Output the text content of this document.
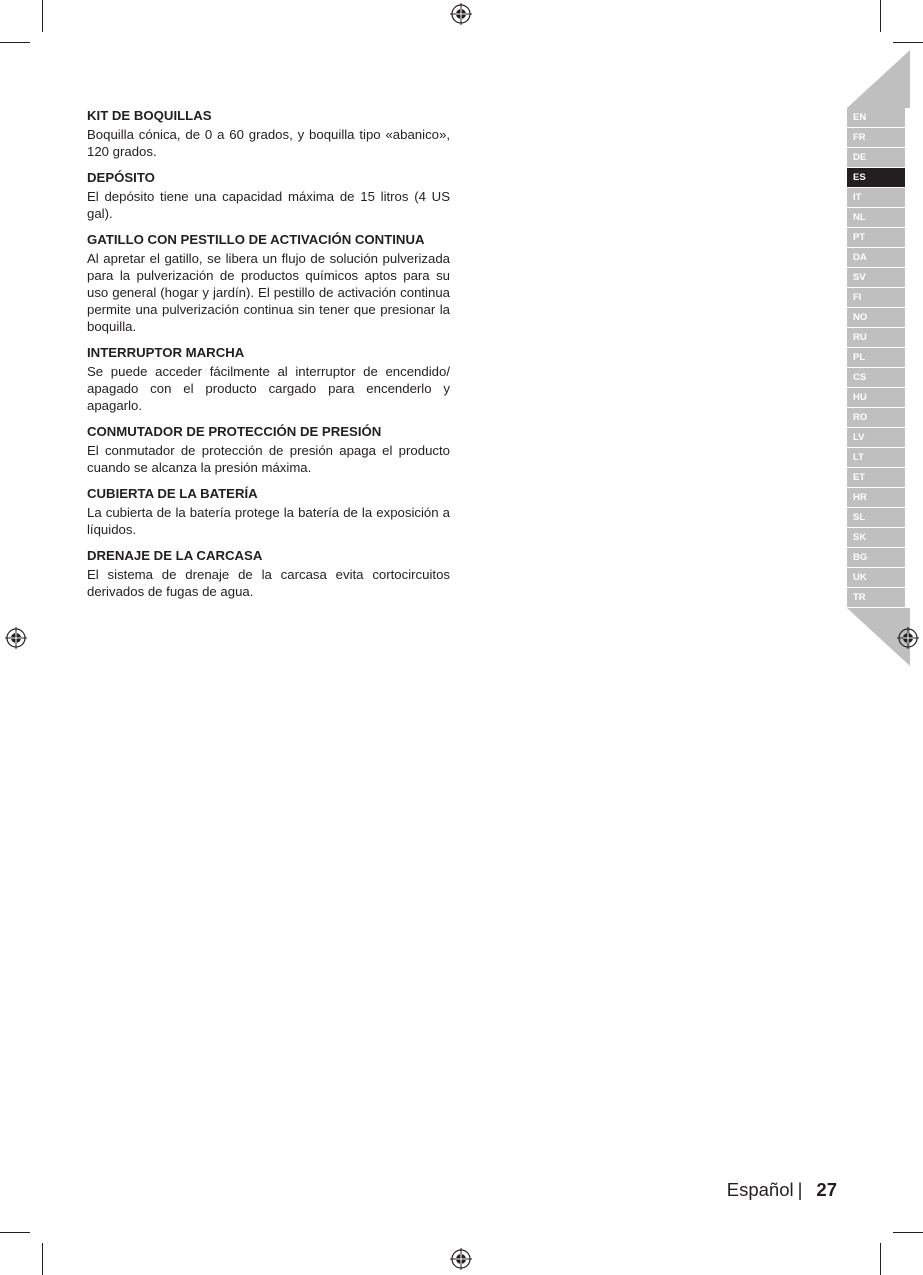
KIT DE BOQUILLAS

Boquilla cónica, de 0 a 60 grados, y boquilla tipo «abanico», 120 grados.

DEPÓSITO

El depósito tiene una capacidad máxima de 15 litros (4 US gal).

GATILLO CON PESTILLO DE ACTIVACIÓN CONTINUA

Al apretar el gatillo, se libera un flujo de solución pulverizada para la pulverización de productos químicos aptos para su uso general (hogar y jardín). El pestillo de activación continua permite una pulverización continua sin tener que presionar la boquilla.

INTERRUPTOR MARCHA

Se puede acceder fácilmente al interruptor de encendido/ apagado con el producto cargado para encenderlo y apagarlo.

CONMUTADOR DE PROTECCIÓN DE PRESIÓN

El conmutador de protección de presión apaga el producto cuando se alcanza la presión máxima.

CUBIERTA DE LA BATERÍA

La cubierta de la batería protege la batería de la exposición a líquidos.

DRENAJE DE LA CARCASA

El sistema de drenaje de la carcasa evita cortocircuitos derivados de fugas de agua.

EN
FR
DE
ES
IT
NL
PT
DA
SV
FI
NO
RU
PL
CS
HU
RO
LV
LT
ET
HR
SL
SK
BG
UK
TR
Español | 27
